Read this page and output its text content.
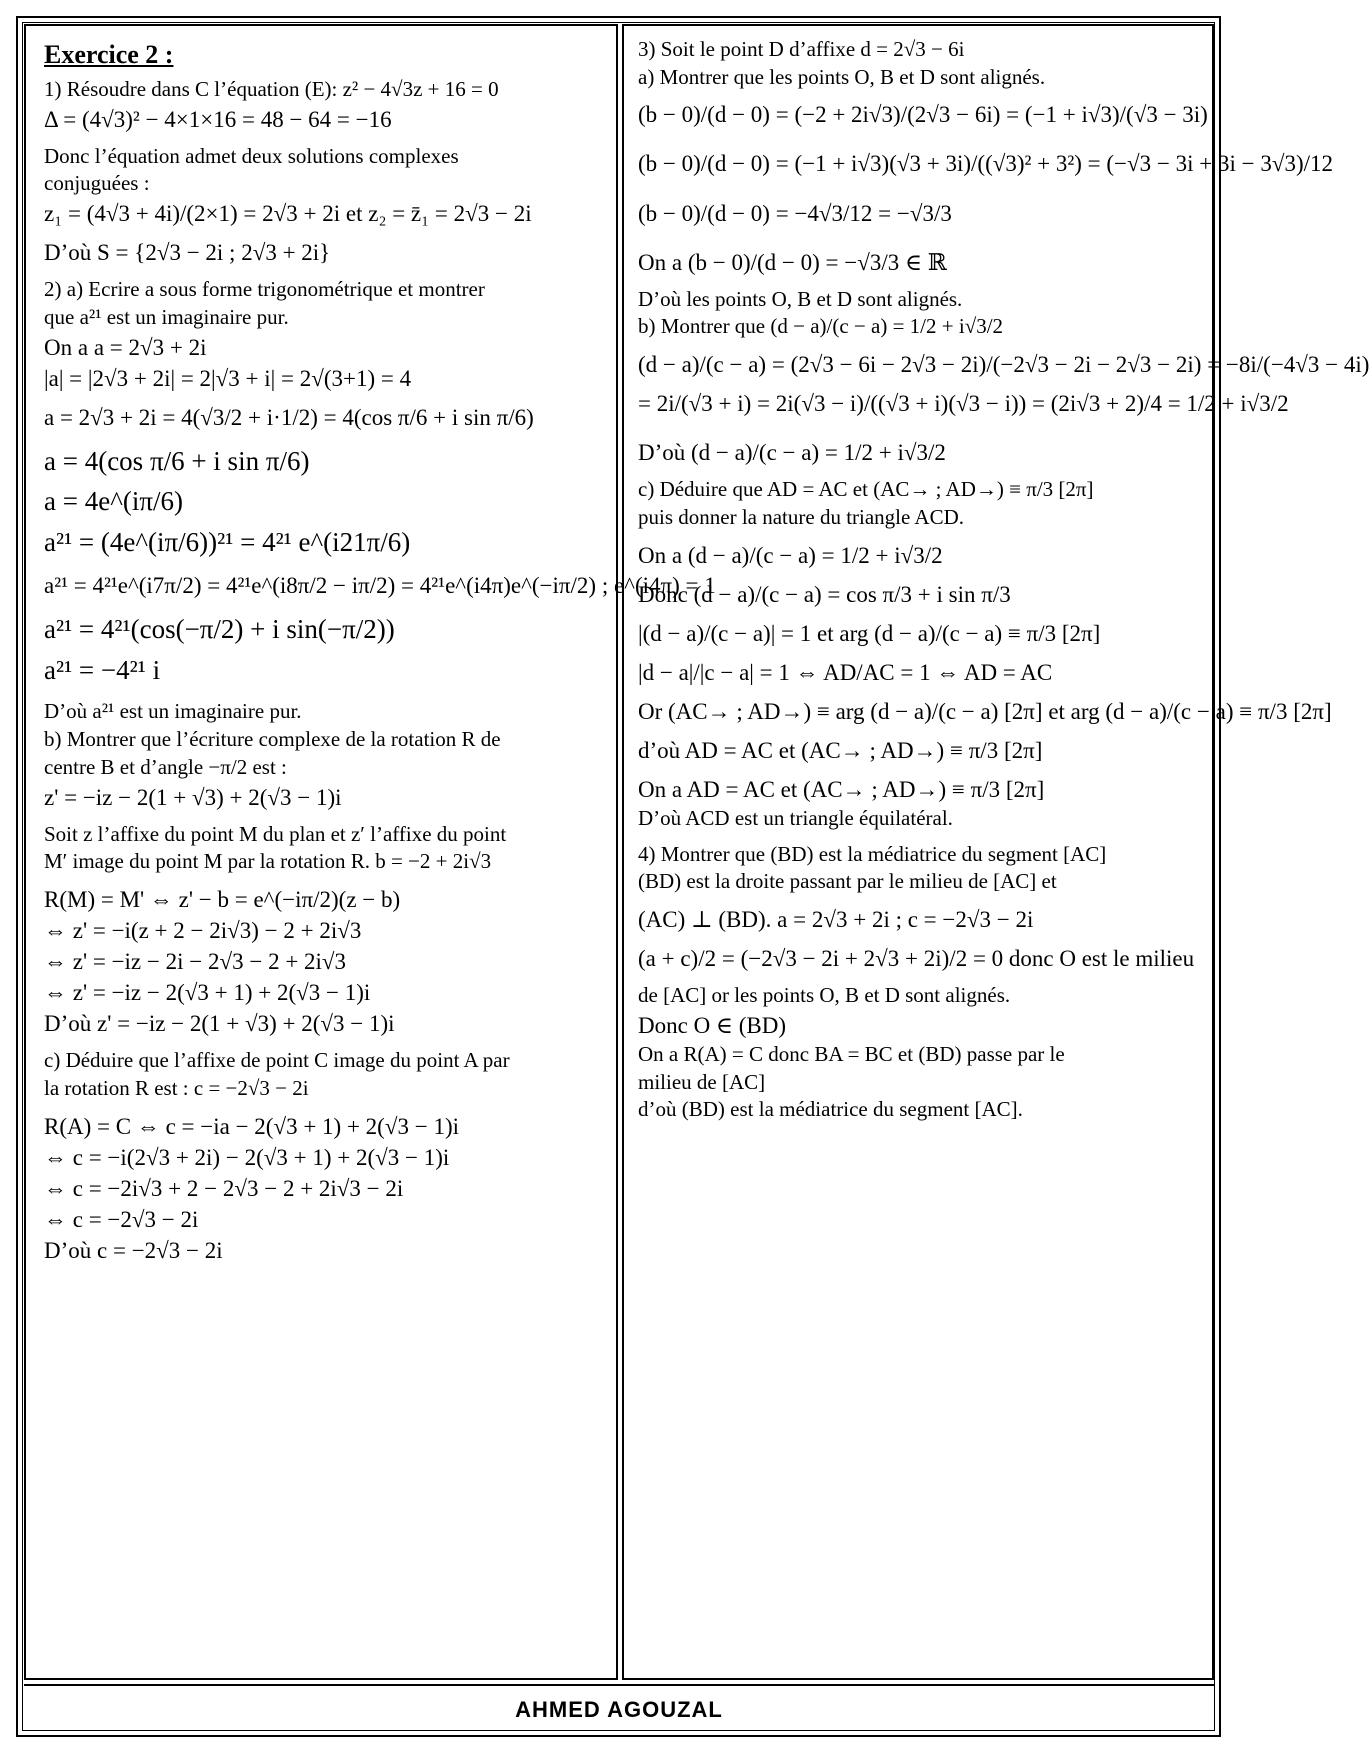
Exercice 2 :

1) Résoudre dans C l’équation (E): z² − 4√3z + 16 = 0

Δ = (4√3)² − 4×1×16 = 48 − 64 = −16

Donc l’équation admet deux solutions complexes

conjuguées :

z₁ = (4√3 + 4i)/(2×1) = 2√3 + 2i et z₂ = z̄₁ = 2√3 − 2i

D’où S = {2√3 − 2i ; 2√3 + 2i}

2) a) Ecrire a sous forme trigonométrique et montrer

que a²¹ est un imaginaire pur.

On a a = 2√3 + 2i

|a| = |2√3 + 2i| = 2|√3 + i| = 2√(3+1) = 4

a = 2√3 + 2i = 4(√3/2 + i·1/2) = 4(cos π/6 + i sin π/6)

a = 4(cos π/6 + i sin π/6)

a = 4e^(iπ/6)

a²¹ = (4e^(iπ/6))²¹ = 4²¹ e^(i21π/6)

a²¹ = 4²¹e^(i7π/2) = 4²¹e^(i8π/2 − iπ/2) = 4²¹e^(i4π)e^(−iπ/2) ; e^(i4π) = 1

a²¹ = 4²¹(cos(−π/2) + i sin(−π/2))

a²¹ = −4²¹ i

D’où a²¹ est un imaginaire pur.

b) Montrer que l’écriture complexe de la rotation R de

centre B et d’angle −π/2 est :

z' = −iz − 2(1 + √3) + 2(√3 − 1)i

Soit z l’affixe du point M du plan et z′ l’affixe du point

M′ image du point M par la rotation R. b = −2 + 2i√3

R(M) = M' ⇔ z' − b = e^(−iπ/2)(z − b)

⇔ z' = −i(z + 2 − 2i√3) − 2 + 2i√3

⇔ z' = −iz − 2i − 2√3 − 2 + 2i√3

⇔ z' = −iz − 2(√3 + 1) + 2(√3 − 1)i

D’où z' = −iz − 2(1 + √3) + 2(√3 − 1)i

c) Déduire que l’affixe de point C image du point A par

la rotation R est : c = −2√3 − 2i

R(A) = C ⇔ c = −ia − 2(√3 + 1) + 2(√3 − 1)i

⇔ c = −i(2√3 + 2i) − 2(√3 + 1) + 2(√3 − 1)i

⇔ c = −2i√3 + 2 − 2√3 − 2 + 2i√3 − 2i

⇔ c = −2√3 − 2i

D’où c = −2√3 − 2i

3) Soit le point D d’affixe d = 2√3 − 6i

a) Montrer que les points O, B et D sont alignés.

(b − 0)/(d − 0) = (−2 + 2i√3)/(2√3 − 6i) = (−1 + i√3)/(√3 − 3i)

(b − 0)/(d − 0) = (−1 + i√3)(√3 + 3i)/((√3)² + 3²) = (−√3 − 3i + 3i − 3√3)/12

(b − 0)/(d − 0) = −4√3/12 = −√3/3

On a (b − 0)/(d − 0) = −√3/3 ∈ ℝ

D’où les points O, B et D sont alignés.

b) Montrer que (d − a)/(c − a) = 1/2 + i√3/2

(d − a)/(c − a) = (2√3 − 6i − 2√3 − 2i)/(−2√3 − 2i − 2√3 − 2i) = −8i/(−4√3 − 4i)

= 2i/(√3 + i) = 2i(√3 − i)/((√3 + i)(√3 − i)) = (2i√3 + 2)/4 = 1/2 + i√3/2

D’où (d − a)/(c − a) = 1/2 + i√3/2

c) Déduire que AD = AC et (AC→ ; AD→) ≡ π/3 [2π]

puis donner la nature du triangle ACD.

On a (d − a)/(c − a) = 1/2 + i√3/2

Donc (d − a)/(c − a) = cos π/3 + i sin π/3

|(d − a)/(c − a)| = 1 et arg (d − a)/(c − a) ≡ π/3 [2π]

|d − a|/|c − a| = 1 ⇔ AD/AC = 1 ⇔ AD = AC

Or (AC→ ; AD→) ≡ arg (d − a)/(c − a) [2π] et arg (d − a)/(c − a) ≡ π/3 [2π]

d’où AD = AC et (AC→ ; AD→) ≡ π/3 [2π]

On a AD = AC et (AC→ ; AD→) ≡ π/3 [2π]

D’où ACD est un triangle équilatéral.

4) Montrer que (BD) est la médiatrice du segment [AC]

(BD) est la droite passant par le milieu de [AC] et

(AC) ⊥ (BD). a = 2√3 + 2i ; c = −2√3 − 2i

(a + c)/2 = (−2√3 − 2i + 2√3 + 2i)/2 = 0 donc O est le milieu

de [AC] or les points O, B et D sont alignés.

Donc O ∈ (BD)

On a R(A) = C donc BA = BC et (BD) passe par le

milieu de [AC]

d’où (BD) est la médiatrice du segment [AC].

AHMED AGOUZAL
